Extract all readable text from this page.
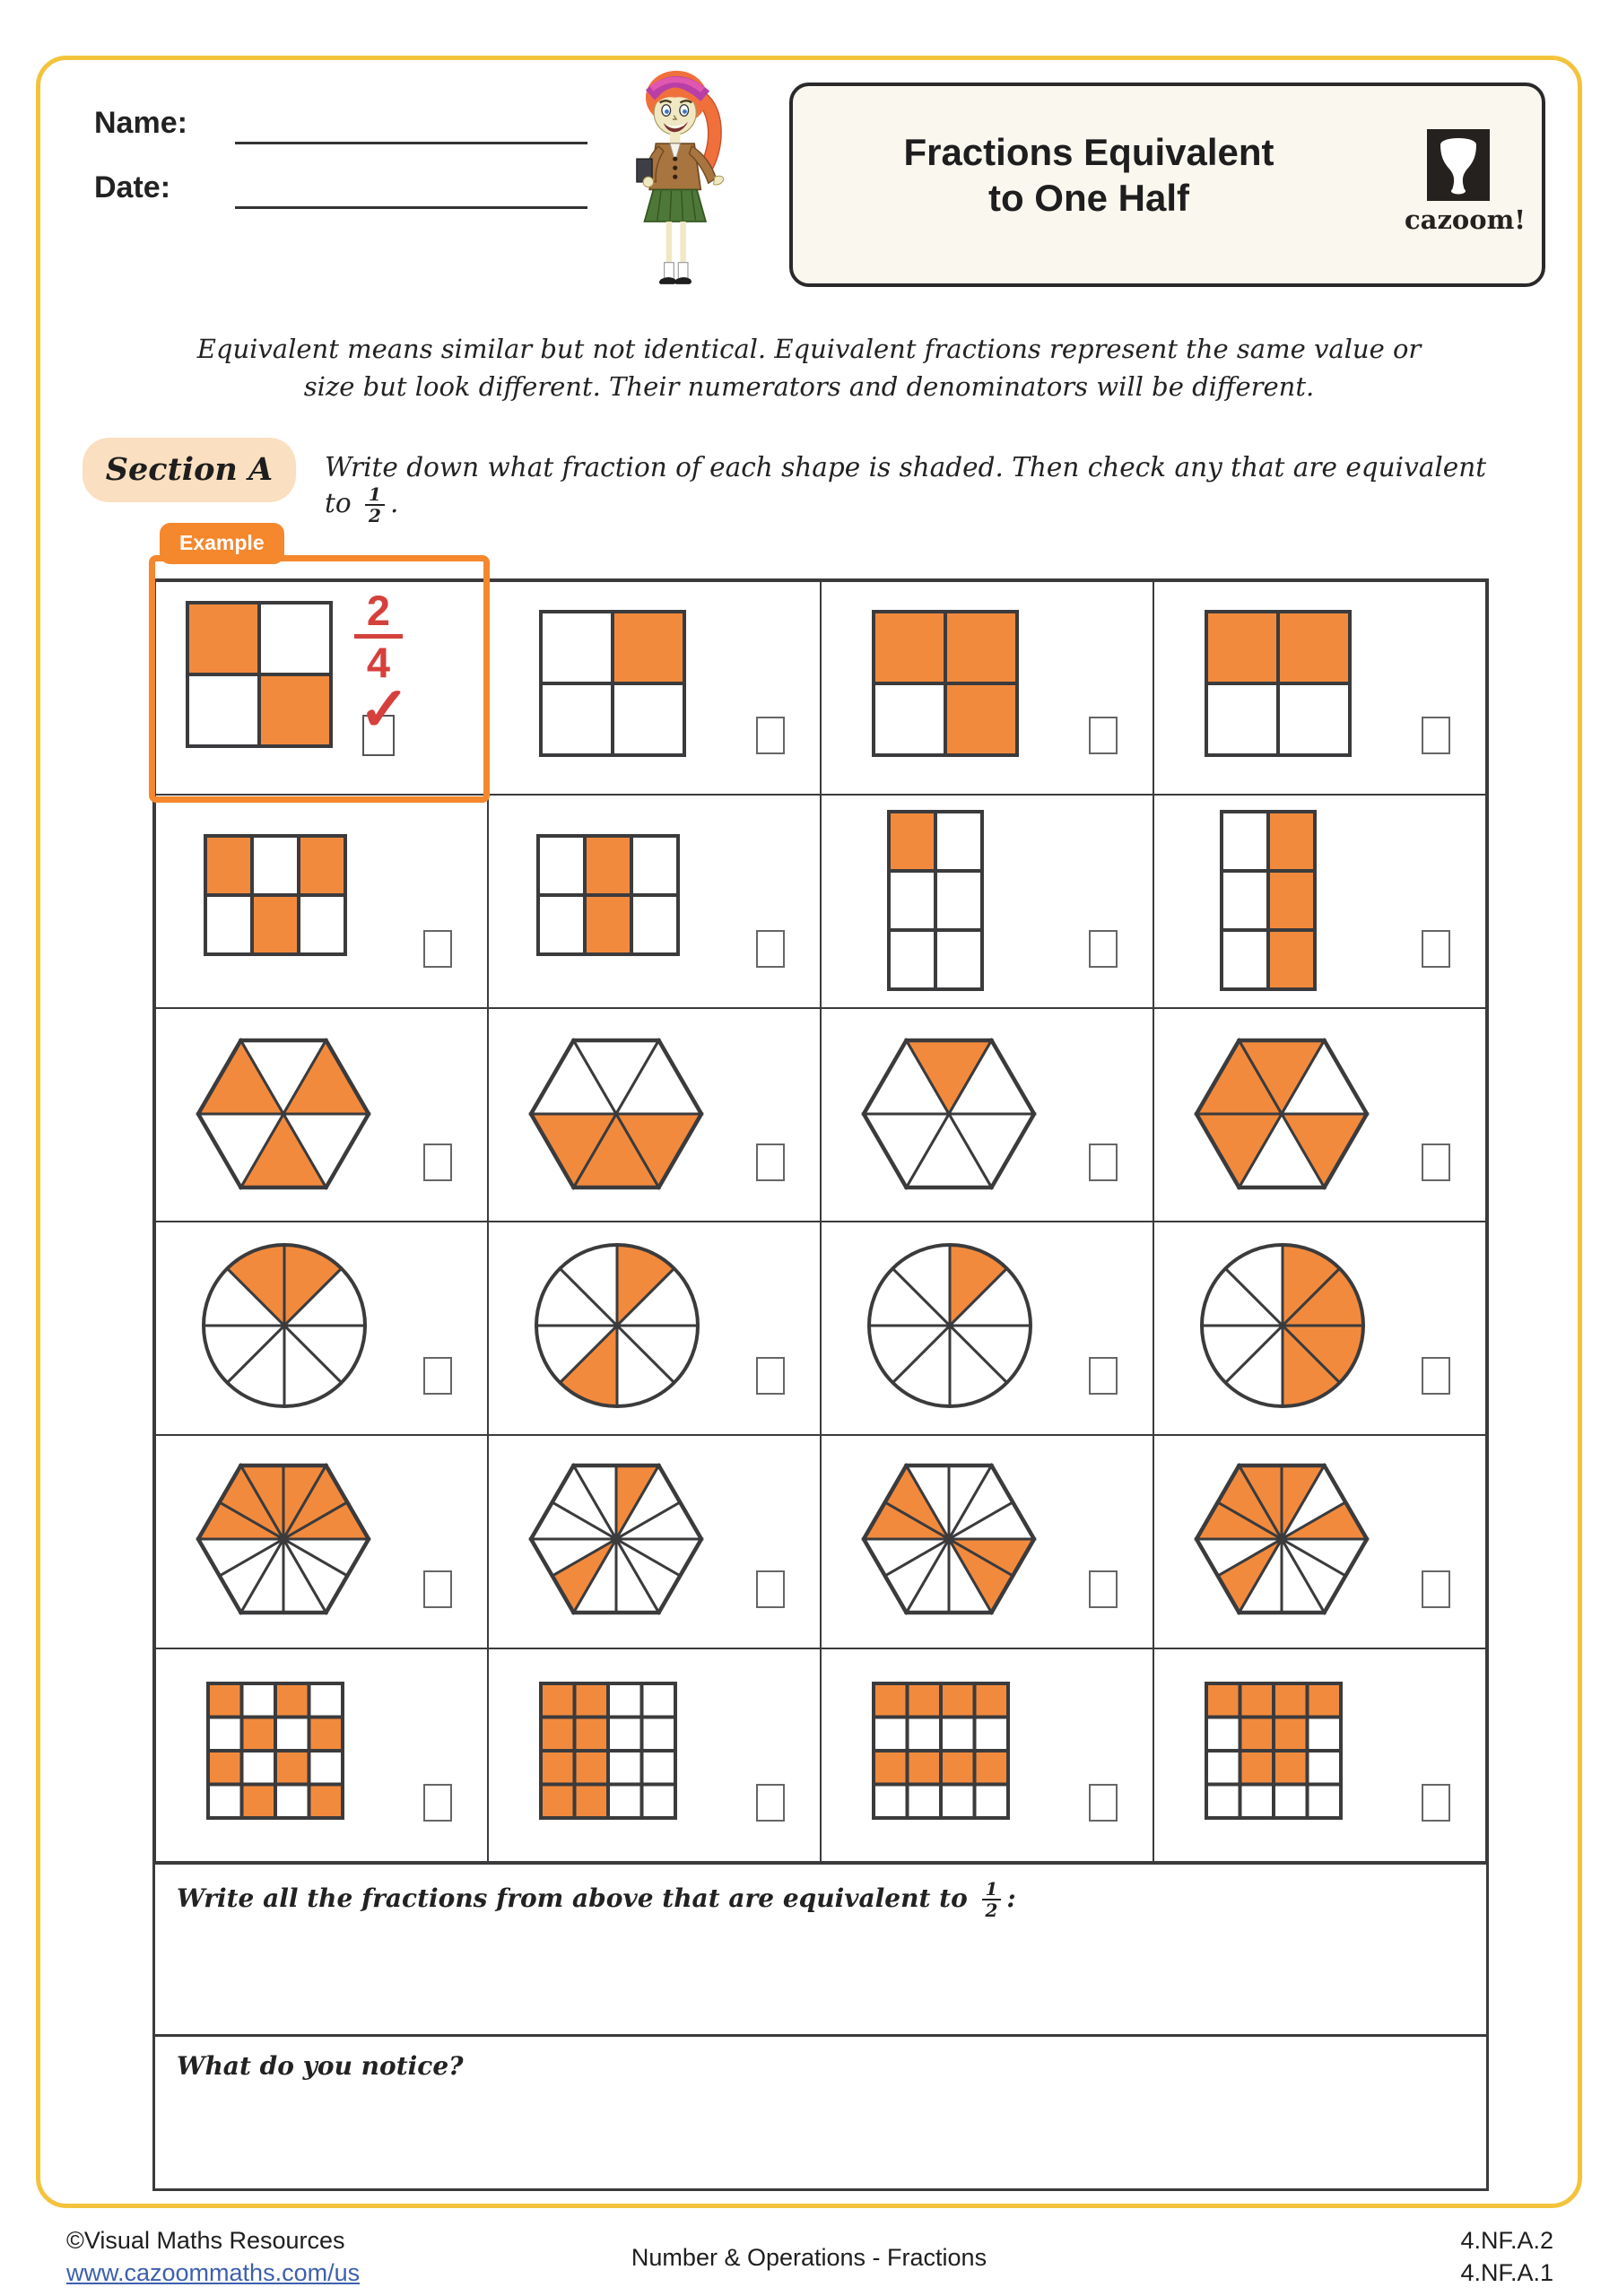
Name:
Date:
Fractions Equivalent
to One Half
cazoom!
Equivalent means similar but not identical. Equivalent fractions represent the same value or size but look different. Their numerators and denominators will be different.
Section A	Write down what fraction of each shape is shaded. Then check any that are equivalent to $\frac{1}{2}$ .
Example
2
4
✓
Write all the fractions from above that are equivalent to $\frac{1}{2}$ :
What do you notice?
©Visual Maths Resources
www.cazoommaths.com/us
Number & Operations - Fractions
4.NF.A.2
4.NF.A.1
